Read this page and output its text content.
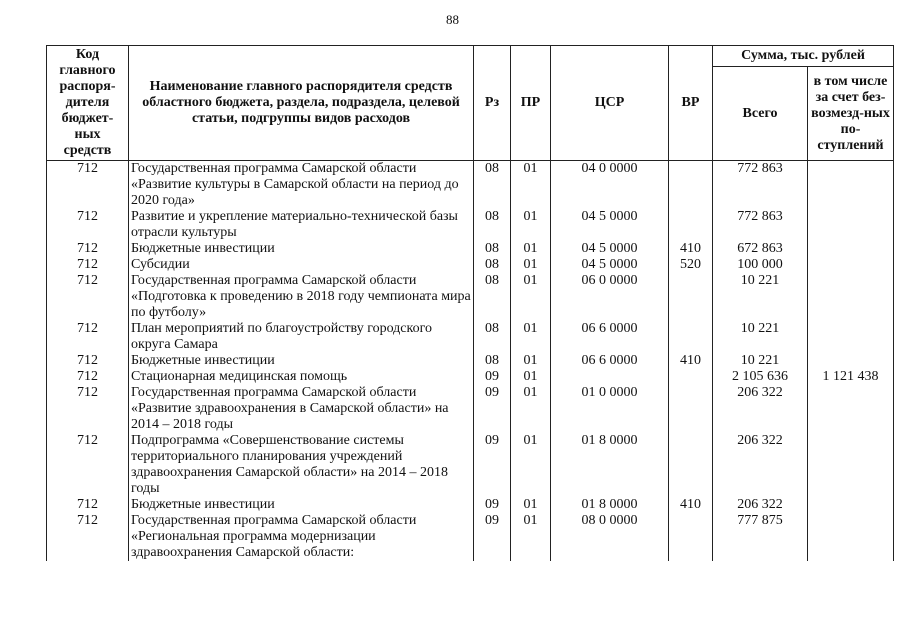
88
Код главного распоря-дителя бюджет-ных средств	Наименование главного распорядителя средств областного бюджета, раздела, подраздела, целевой статьи, подгруппы видов расходов	Рз	ПР	ЦСР	ВР	Сумма, тыс. рублей	
						Всего	в том числе за счет без-возмезд-ных по-ступлений
712	Государственная программа Самарской области «Развитие культуры в Самарской области на период до 2020 года»	08	01	04 0 0000		772 863	
712	Развитие и укрепление материально-технической базы отрасли культуры	08	01	04 5 0000		772 863	
712	Бюджетные инвестиции	08	01	04 5 0000	410	672 863	
712	Субсидии	08	01	04 5 0000	520	100 000	
712	Государственная программа Самарской области «Подготовка к проведению в 2018 году чемпионата мира по футболу»	08	01	06 0 0000		10 221	
712	План мероприятий по благоустройству городского округа Самара	08	01	06 6 0000		10 221	
712	Бюджетные инвестиции	08	01	06 6 0000	410	10 221	
712	Стационарная медицинская помощь	09	01			2 105 636	1 121 438
712	Государственная программа Самарской области «Развитие здравоохранения в Самарской области» на 2014 – 2018 годы	09	01	01 0 0000		206 322	
712	Подпрограмма «Совершенствование системы территориального планирования учреждений здравоохранения Самарской области» на 2014 – 2018 годы	09	01	01 8 0000		206 322	
712	Бюджетные инвестиции	09	01	01 8 0000	410	206 322	
712	Государственная программа Самарской области «Региональная программа модернизации здравоохранения Самарской области:	09	01	08 0 0000		777 875	
